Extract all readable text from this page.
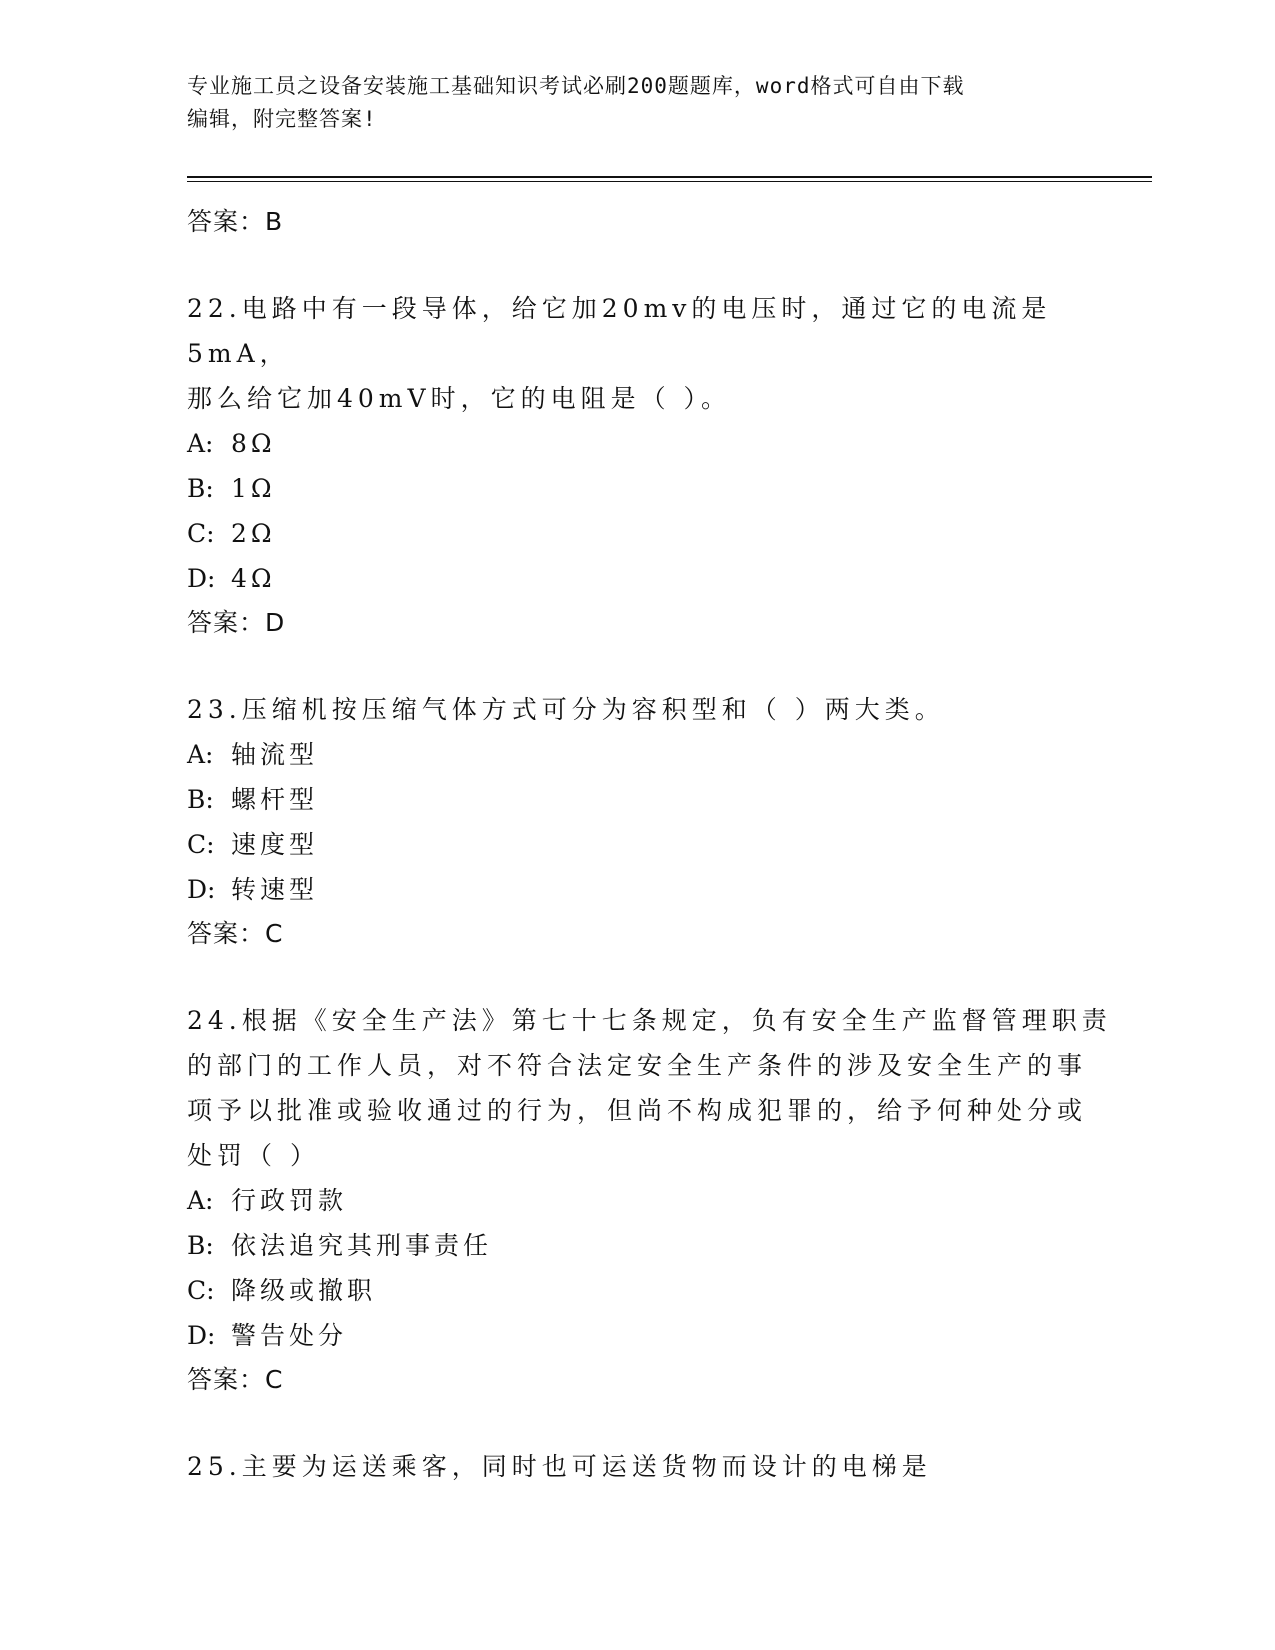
专业施工员之设备安装施工基础知识考试必刷200题题库，word格式可自由下载
编辑，附完整答案!
答案：B
22.电路中有一段导体，给它加20mv的电压时，通过它的电流是5mA，
那么给它加40mV时，它的电阻是（ ）。
A: 8Ω
B: 1Ω
C: 2Ω
D: 4Ω
答案：D
23.压缩机按压缩气体方式可分为容积型和（ ）两大类。
A: 轴流型
B: 螺杆型
C: 速度型
D: 转速型
答案：C
24.根据《安全生产法》第七十七条规定，负有安全生产监督管理职责
的部门的工作人员，对不符合法定安全生产条件的涉及安全生产的事
项予以批准或验收通过的行为，但尚不构成犯罪的，给予何种处分或
处罚（ ）
A: 行政罚款
B: 依法追究其刑事责任
C: 降级或撤职
D: 警告处分
答案：C
25.主要为运送乘客，同时也可运送货物而设计的电梯是
